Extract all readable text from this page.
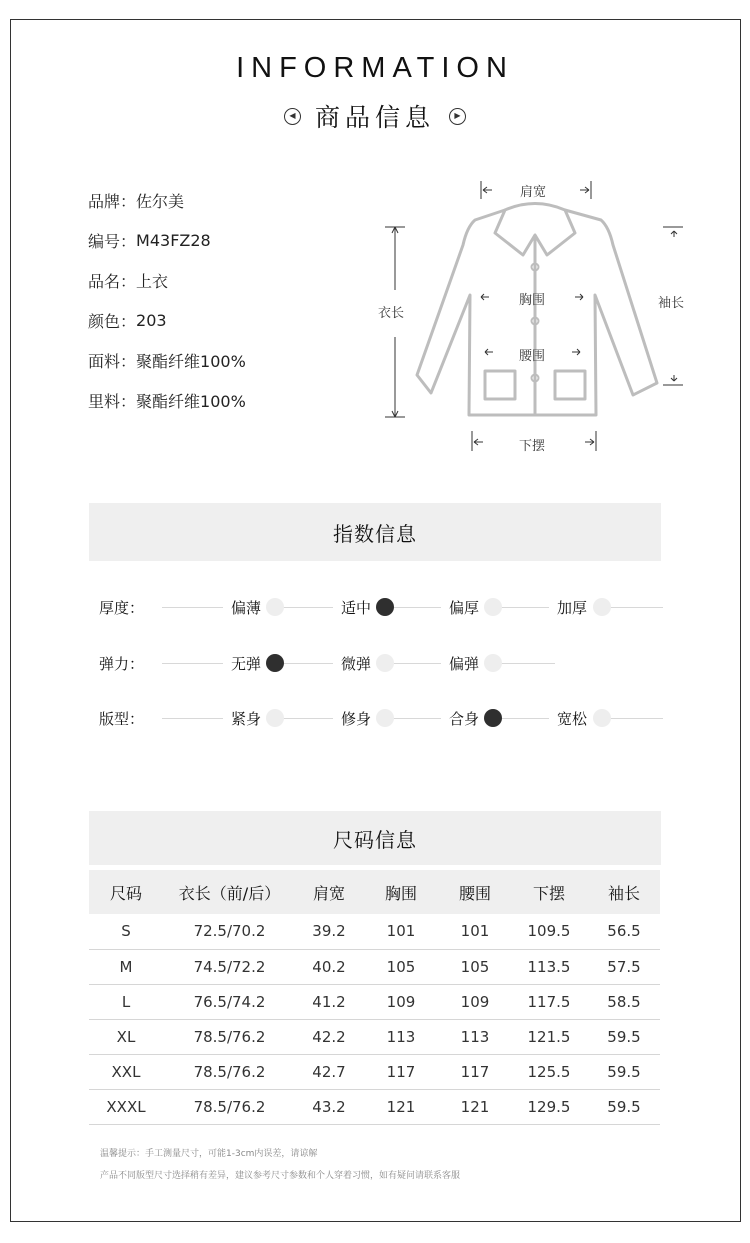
INFORMATION
◀ 商品信息	▶
品牌 ： 佐尔美
编号 ： M43FZ28
品名 ： 上衣
颜色 ： 203
面料 ： 聚酯纤维100%
里料 ： 聚酯纤维100%
肩宽
衣长
袖长
胸围
腰围
下摆
指数信息
厚度：	偏薄	适中	偏厚	加厚
弹力：	无弹	微弹	偏弹
版型：	紧身	修身	合身	宽松
尺码信息
尺码	衣长（前/后）	肩宽	胸围	腰围	下摆	袖长
S	72.5/70.2	39.2	101	101	109.5	56.5
M	74.5/72.2	40.2	105	105	113.5	57.5
L	76.5/74.2	41.2	109	109	117.5	58.5
XL	78.5/76.2	42.2	113	113	121.5	59.5
XXL	78.5/76.2	42.7	117	117	125.5	59.5
XXXL	78.5/76.2	43.2	121	121	129.5	59.5
温馨提示：手工测量尺寸，可能1-3cm内误差，请谅解
产品不同版型尺寸选择稍有差异，建议参考尺寸参数和个人穿着习惯，如有疑问请联系客服
